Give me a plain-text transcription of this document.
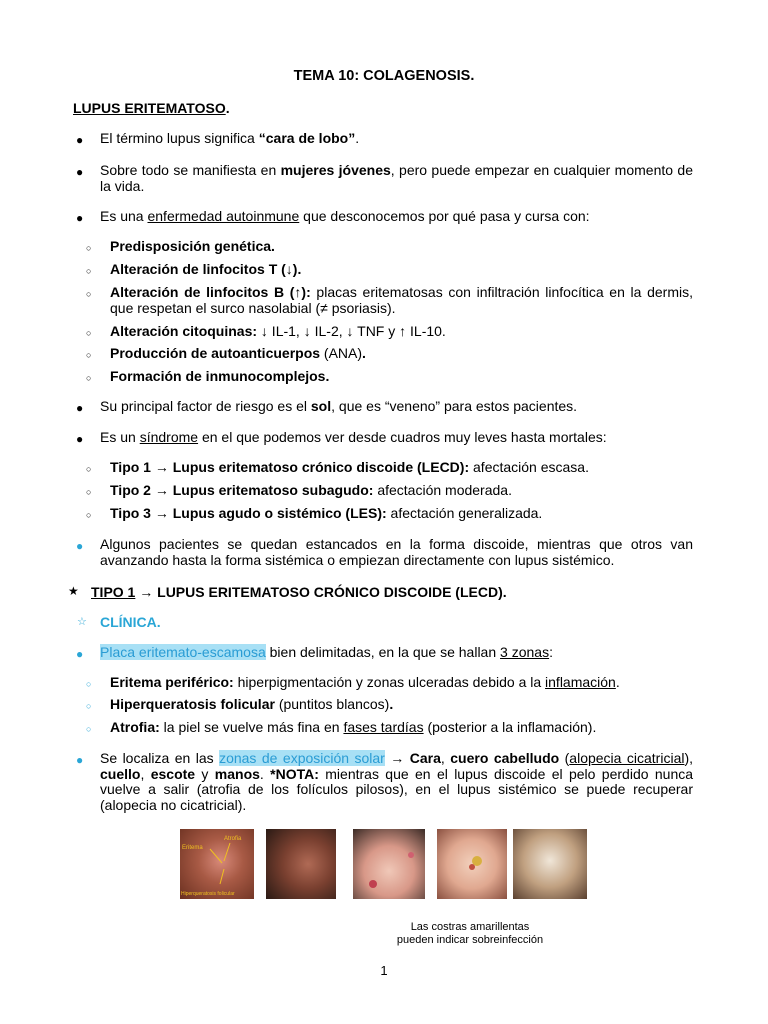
TEMA 10: COLAGENOSIS.
LUPUS ERITEMATOSO.
● El término lupus significa “cara de lobo”.
● Sobre todo se manifiesta en mujeres jóvenes, pero puede empezar en cualquier momento de la vida.
● Es una enfermedad autoinmune que desconocemos por qué pasa y cursa con:
○ Predisposición genética.
○ Alteración de linfocitos T (↓).
○ Alteración de linfocitos B (↑): placas eritematosas con infiltración linfocítica en la dermis, que respetan el surco nasolabial (≠ psoriasis).
○ Alteración citoquinas: ↓ IL-1, ↓ IL-2, ↓ TNF y ↑ IL-10.
○ Producción de autoanticuerpos (ANA).
○ Formación de inmunocomplejos.
● Su principal factor de riesgo es el sol, que es “veneno” para estos pacientes.
● Es un síndrome en el que podemos ver desde cuadros muy leves hasta mortales:
○ Tipo 1 → Lupus eritematoso crónico discoide (LECD): afectación escasa.
○ Tipo 2 → Lupus eritematoso subagudo: afectación moderada.
○ Tipo 3 → Lupus agudo o sistémico (LES): afectación generalizada.
● Algunos pacientes se quedan estancados en la forma discoide, mientras que otros van avanzando hasta la forma sistémica o empiezan directamente con lupus sistémico.
★ TIPO 1 → LUPUS ERITEMATOSO CRÓNICO DISCOIDE (LECD).
☆ CLÍNICA.
● Placa eritemato-escamosa bien delimitadas, en la que se hallan 3 zonas:
○ Eritema periférico: hiperpigmentación y zonas ulceradas debido a la inflamación.
○ Hiperqueratosis folicular (puntitos blancos).
○ Atrofia: la piel se vuelve más fina en fases tardías (posterior a la inflamación).
● Se localiza en las zonas de exposición solar → Cara, cuero cabelludo (alopecia cicatricial), cuello, escote y manos. *NOTA: mientras que en el lupus discoide el pelo perdido nunca vuelve a salir (atrofia de los folículos pilosos), en el lupus sistémico se puede recuperar (alopecia no cicatricial).
Atrofia
Eritema
Hiperqueratosis folicular
Las costras amarillentas
pueden indicar sobreinfección
1
